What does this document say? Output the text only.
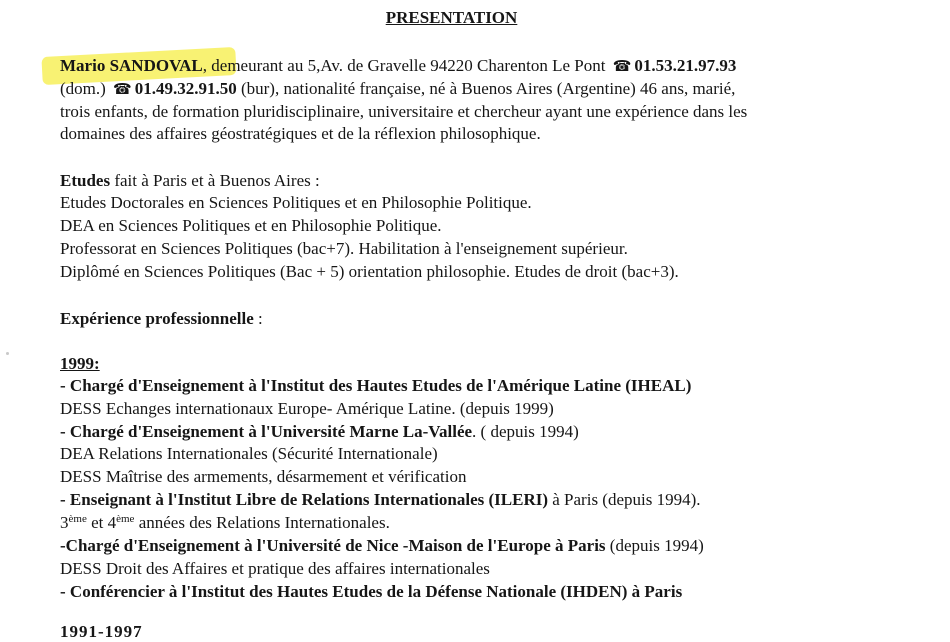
PRESENTATION
Mario SANDOVAL, demeurant au 5,Av. de Gravelle 94220 Charenton Le Pont ☎ 01.53.21.97.93
(dom.) ☎ 01.49.32.91.50 (bur), nationalité française, né à Buenos Aires (Argentine) 46 ans, marié,
trois enfants, de formation pluridisciplinaire, universitaire et chercheur ayant une expérience dans les
domaines des affaires géostratégiques et de la réflexion philosophique.
Etudes fait à Paris et à Buenos Aires :
Etudes Doctorales en Sciences Politiques et en Philosophie Politique.
DEA en Sciences Politiques et en Philosophie Politique.
Professorat en Sciences Politiques (bac+7). Habilitation à l'enseignement supérieur.
Diplômé en Sciences Politiques (Bac + 5) orientation philosophie. Etudes de droit (bac+3).
Expérience professionnelle :
1999:
- Chargé d'Enseignement à l'Institut des Hautes Etudes de l'Amérique Latine (IHEAL)
DESS Echanges internationaux Europe- Amérique Latine. (depuis 1999)
- Chargé d'Enseignement à l'Université Marne La-Vallée. ( depuis 1994)
DEA Relations Internationales (Sécurité Internationale)
DESS Maîtrise des armements, désarmement et vérification
- Enseignant à l'Institut Libre de Relations Internationales (ILERI) à Paris (depuis 1994).
3ème et 4ème années des Relations Internationales.
-Chargé d'Enseignement à l'Université de Nice -Maison de l'Europe à Paris (depuis 1994)
DESS Droit des Affaires et pratique des affaires internationales
- Conférencier à l'Institut des Hautes Etudes de la Défense Nationale (IHDEN) à Paris
1991-1997
